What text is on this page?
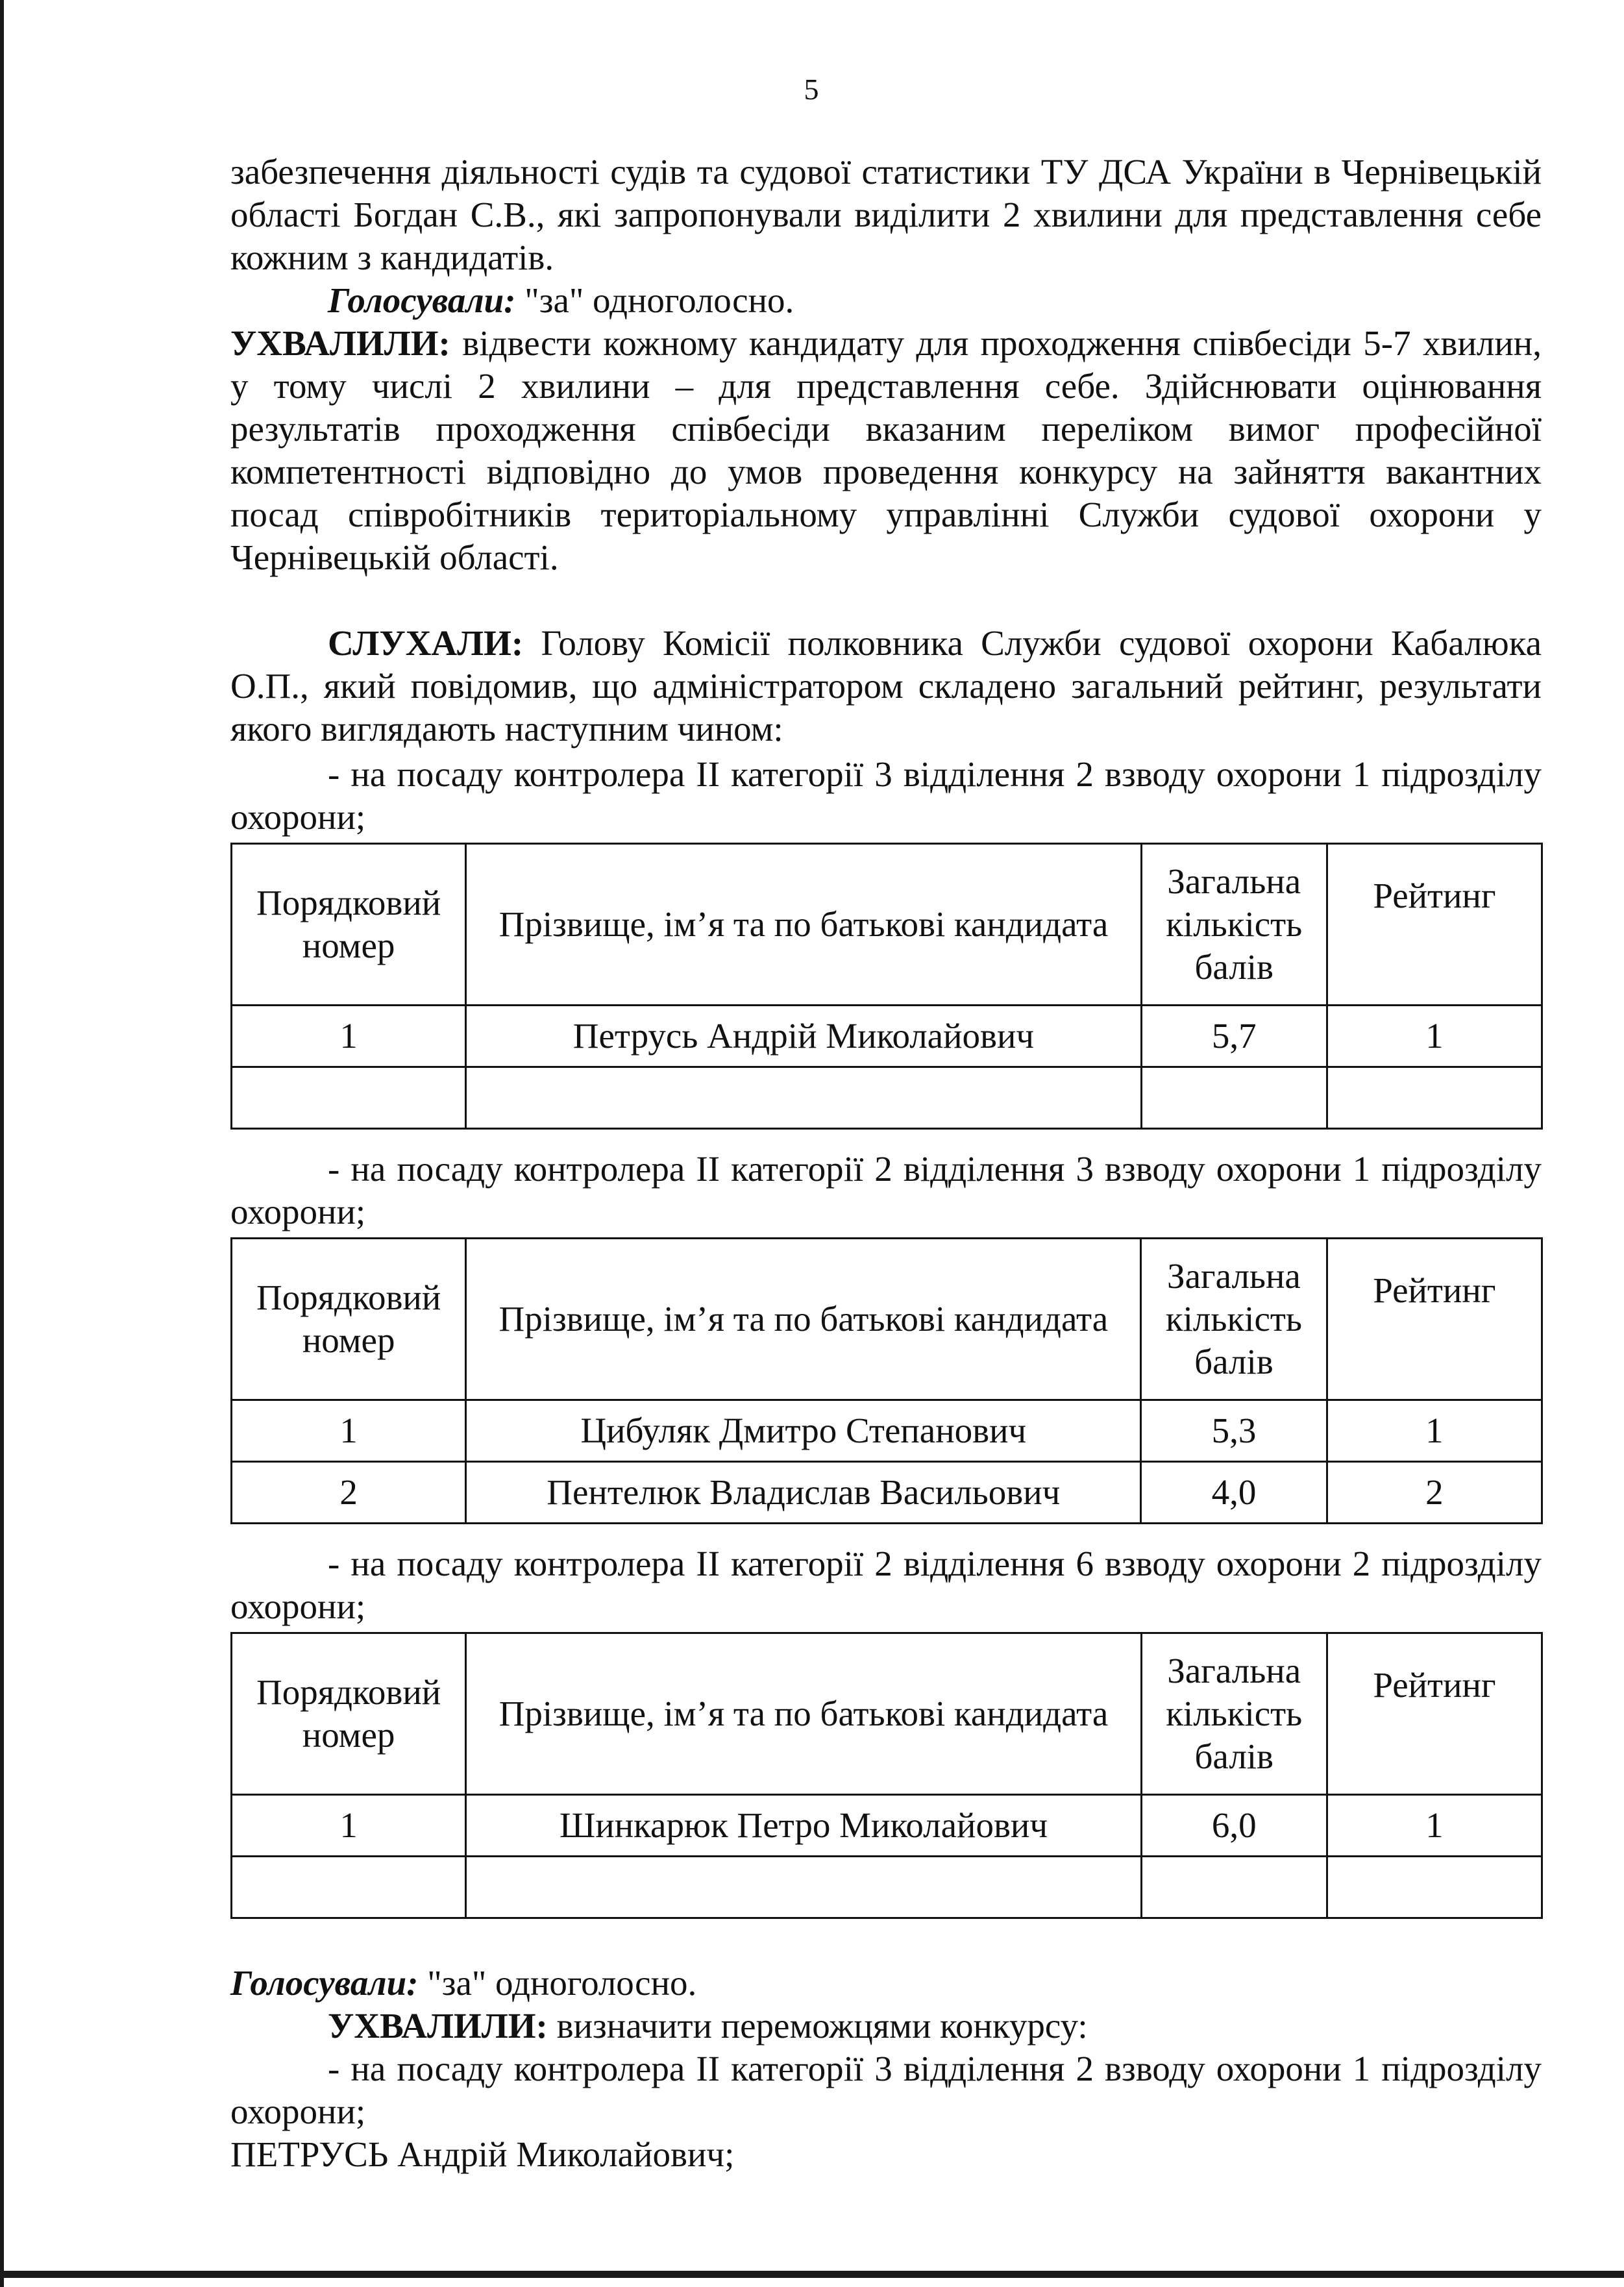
5

забезпечення діяльності судів та судової статистики ТУ ДСА України в Чернівецькій області Богдан С.В., які запропонували виділити 2 хвилини для представлення себе кожним з кандидатів.

Голосували: "за" одноголосно.

УХВАЛИЛИ: відвести кожному кандидату для проходження співбесіди 5-7 хвилин, у тому числі 2 хвилини – для представлення себе. Здійснювати оцінювання результатів проходження співбесіди вказаним переліком вимог професійної компетентності відповідно до умов проведення конкурсу на зайняття вакантних посад співробітників територіальному управлінні Служби судової охорони у Чернівецькій області.

СЛУХАЛИ: Голову Комісії полковника Служби судової охорони Кабалюка О.П., який повідомив, що адміністратором складено загальний рейтинг, результати якого виглядають наступним чином:

- на посаду контролера ІІ категорії 3 відділення 2 взводу охорони 1 підрозділу охорони;

Порядковий номер	Прізвище, ім’я та по батькові кандидата	Загальна кількість балів	Рейтинг
1	Петрусь Андрій Миколайович	5,7	1

- на посаду контролера ІІ категорії 2 відділення 3 взводу охорони 1 підрозділу охорони;

Порядковий номер	Прізвище, ім’я та по батькові кандидата	Загальна кількість балів	Рейтинг
1	Цибуляк Дмитро Степанович	5,3	1
2	Пентелюк Владислав Васильович	4,0	2

- на посаду контролера ІІ категорії 2 відділення 6 взводу охорони 2 підрозділу охорони;

Порядковий номер	Прізвище, ім’я та по батькові кандидата	Загальна кількість балів	Рейтинг
1	Шинкарюк Петро Миколайович	6,0	1

Голосували: "за" одноголосно.

УХВАЛИЛИ: визначити переможцями конкурсу:

- на посаду контролера ІІ категорії 3 відділення 2 взводу охорони 1 підрозділу охорони;

ПЕТРУСЬ Андрій Миколайович;
